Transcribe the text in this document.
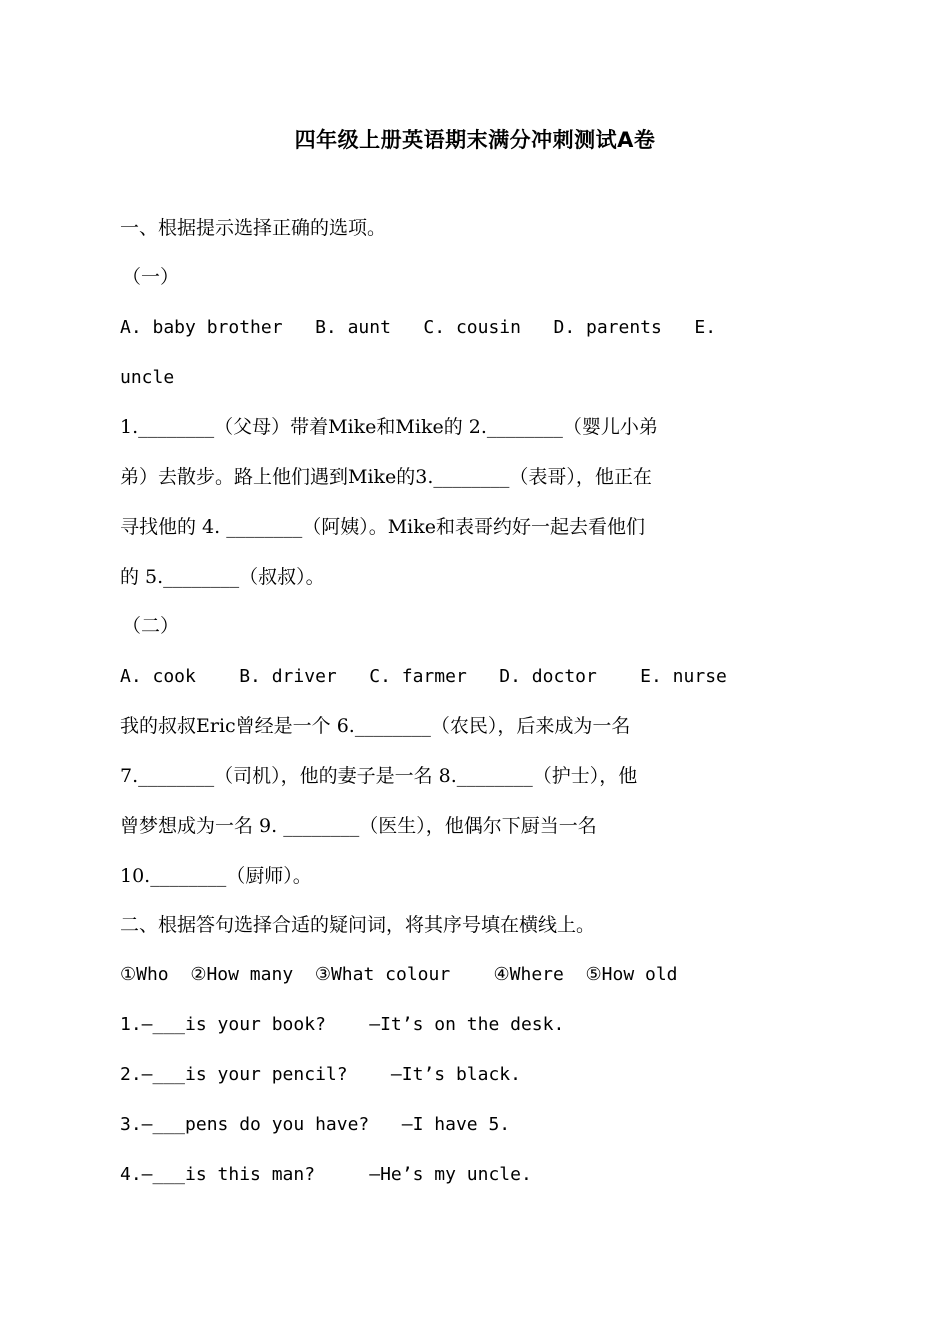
四年级上册英语期末满分冲刺测试A卷
一、根据提示选择正确的选项。
（一）
A. baby brother   B. aunt   C. cousin   D. parents   E.
uncle
1.________（父母）带着Mike和Mike的 2.________（婴儿小弟
弟）去散步。路上他们遇到Mike的3.________（表哥），他正在
寻找他的 4. ________（阿姨）。Mike和表哥约好一起去看他们
的 5.________（叔叔）。
（二）
A. cook    B. driver   C. farmer   D. doctor    E. nurse
我的叔叔Eric曾经是一个 6.________（农民），后来成为一名
7.________（司机），他的妻子是一名 8.________（护士），他
曾梦想成为一名 9. ________（医生），他偶尔下厨当一名
10.________（厨师）。
二、根据答句选择合适的疑问词，将其序号填在横线上。
①Who  ②How many  ③What colour    ④Where  ⑤How old
1.—___is your book?    —It’s on the desk.
2.—___is your pencil?    —It’s black.
3.—___pens do you have?   —I have 5.
4.—___is this man?     —He’s my uncle.
